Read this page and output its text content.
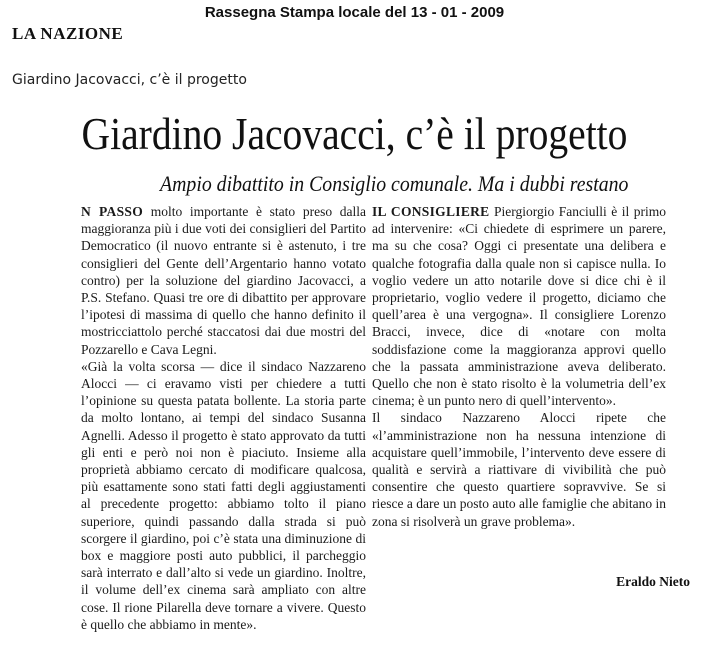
Rassegna Stampa locale del 13 - 01 - 2009
LA NAZIONE
Giardino Jacovacci, c’è il progetto
Giardino Jacovacci, c’è il progetto
Ampio dibattito in Consiglio comunale. Ma i dubbi restano

N PASSO molto importante è stato preso dalla maggioranza più i due voti dei consiglieri del Partito Democratico (il nuovo entrante si è astenuto, i tre consiglieri del Gente dell’Argentario hanno votato contro) per la soluzione del giardino Jacovacci, a P.S. Stefano. Quasi tre ore di dibattito per approvare l’ipotesi di massima di quello che hanno definito il mostricciattolo perché staccatosi dai due mostri del Pozzarello e Cava Legni.

«Già la volta scorsa — dice il sindaco Nazzareno Alocci — ci eravamo visti per chiedere a tutti l’opinione su questa patata bollente. La storia parte da molto lontano, ai tempi del sindaco Susanna Agnelli. Adesso il progetto è stato approvato da tutti gli enti e però noi non è piaciuto. Insieme alla proprietà abbiamo cercato di modificare qualcosa, più esattamente sono stati fatti degli aggiustamenti al precedente progetto: abbiamo tolto il piano superiore, quindi passando dalla strada si può scorgere il giardino, poi c’è stata una diminuzione di box e maggiore posti auto pubblici, il parcheggio sarà interrato e dall’alto si vede un giardino. Inoltre, il volume dell’ex cinema sarà ampliato con altre cose. Il rione Pilarella deve tornare a vivere. Questo è quello che abbiamo in mente».

IL CONSIGLIERE Piergiorgio Fanciulli è il primo ad intervenire: «Ci chiedete di esprimere un parere, ma su che cosa? Oggi ci presentate una delibera e qualche fotografia dalla quale non si capisce nulla. Io voglio vedere un atto notarile dove si dice chi è il proprietario, voglio vedere il progetto, diciamo che quell’area è una vergogna». Il consigliere Lorenzo Bracci, invece, dice di «notare con molta soddisfazione come la maggioranza approvi quello che la passata amministrazione aveva deliberato. Quello che non è stato risolto è la volumetria dell’ex cinema; è un punto nero di quell’intervento».

Il sindaco Nazzareno Alocci ripete che «l’amministrazione non ha nessuna intenzione di acquistare quell’immobile, l’intervento deve essere di qualità e servirà a riattivare di vivibilità che può consentire che questo quartiere sopravvive. Se si riesce a dare un posto auto alle famiglie che abitano in zona si risolverà un grave problema».

Eraldo Nieto
